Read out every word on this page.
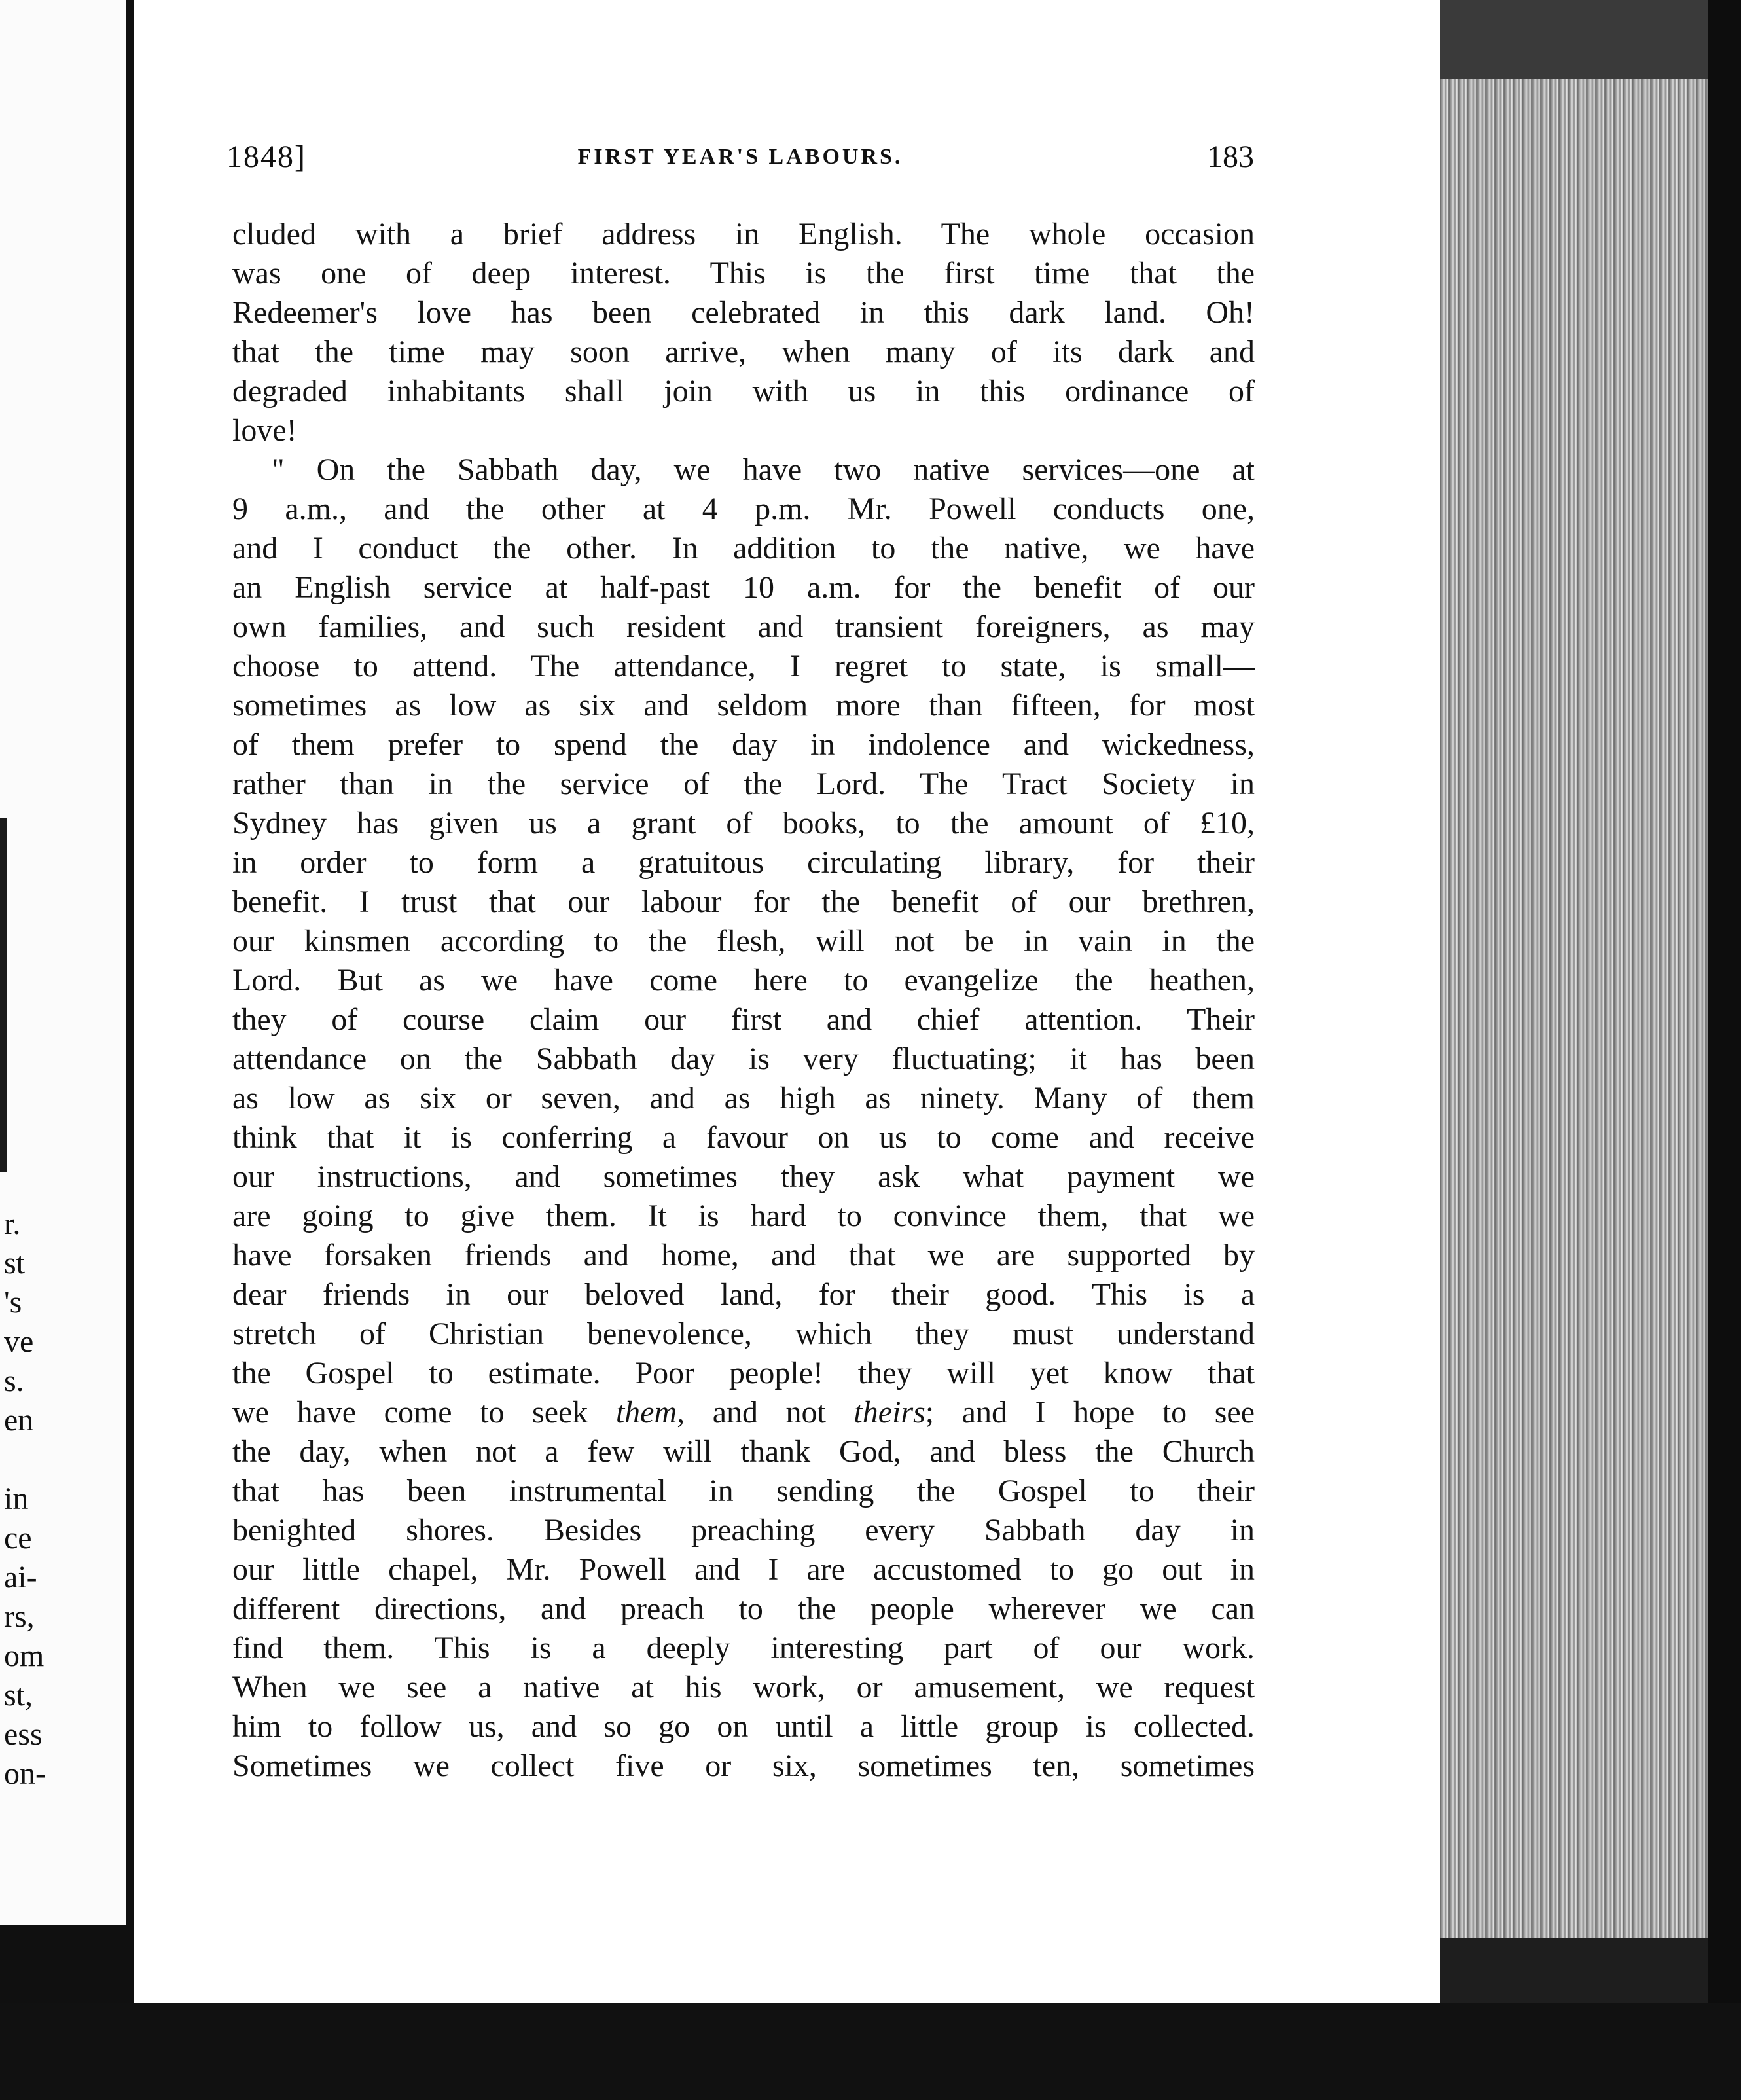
r.
st
's
ve
s.
en
in
ce
ai-
rs,
om
st,
ess
on-
1848]	FIRST YEAR'S LABOURS.	183
cluded with a brief address in English. The whole occasion
was one of deep interest. This is the first time that the
Redeemer's love has been celebrated in this dark land. Oh!
that the time may soon arrive, when many of its dark and
degraded inhabitants shall join with us in this ordinance of
love!
" On the Sabbath day, we have two native services—one at
9 a.m., and the other at 4 p.m. Mr. Powell conducts one,
and I conduct the other. In addition to the native, we have
an English service at half-past 10 a.m. for the benefit of our
own families, and such resident and transient foreigners, as may
choose to attend. The attendance, I regret to state, is small—
sometimes as low as six and seldom more than fifteen, for most
of them prefer to spend the day in indolence and wickedness,
rather than in the service of the Lord. The Tract Society in
Sydney has given us a grant of books, to the amount of £10,
in order to form a gratuitous circulating library, for their
benefit. I trust that our labour for the benefit of our brethren,
our kinsmen according to the flesh, will not be in vain in the
Lord. But as we have come here to evangelize the heathen,
they of course claim our first and chief attention. Their
attendance on the Sabbath day is very fluctuating; it has been
as low as six or seven, and as high as ninety. Many of them
think that it is conferring a favour on us to come and receive
our instructions, and sometimes they ask what payment we
are going to give them. It is hard to convince them, that we
have forsaken friends and home, and that we are supported by
dear friends in our beloved land, for their good. This is a
stretch of Christian benevolence, which they must understand
the Gospel to estimate. Poor people! they will yet know that
we have come to seek them, and not theirs; and I hope to see
the day, when not a few will thank God, and bless the Church
that has been instrumental in sending the Gospel to their
benighted shores. Besides preaching every Sabbath day in
our little chapel, Mr. Powell and I are accustomed to go out in
different directions, and preach to the people wherever we can
find them. This is a deeply interesting part of our work.
When we see a native at his work, or amusement, we request
him to follow us, and so go on until a little group is collected.
Sometimes we collect five or six, sometimes ten, sometimes
